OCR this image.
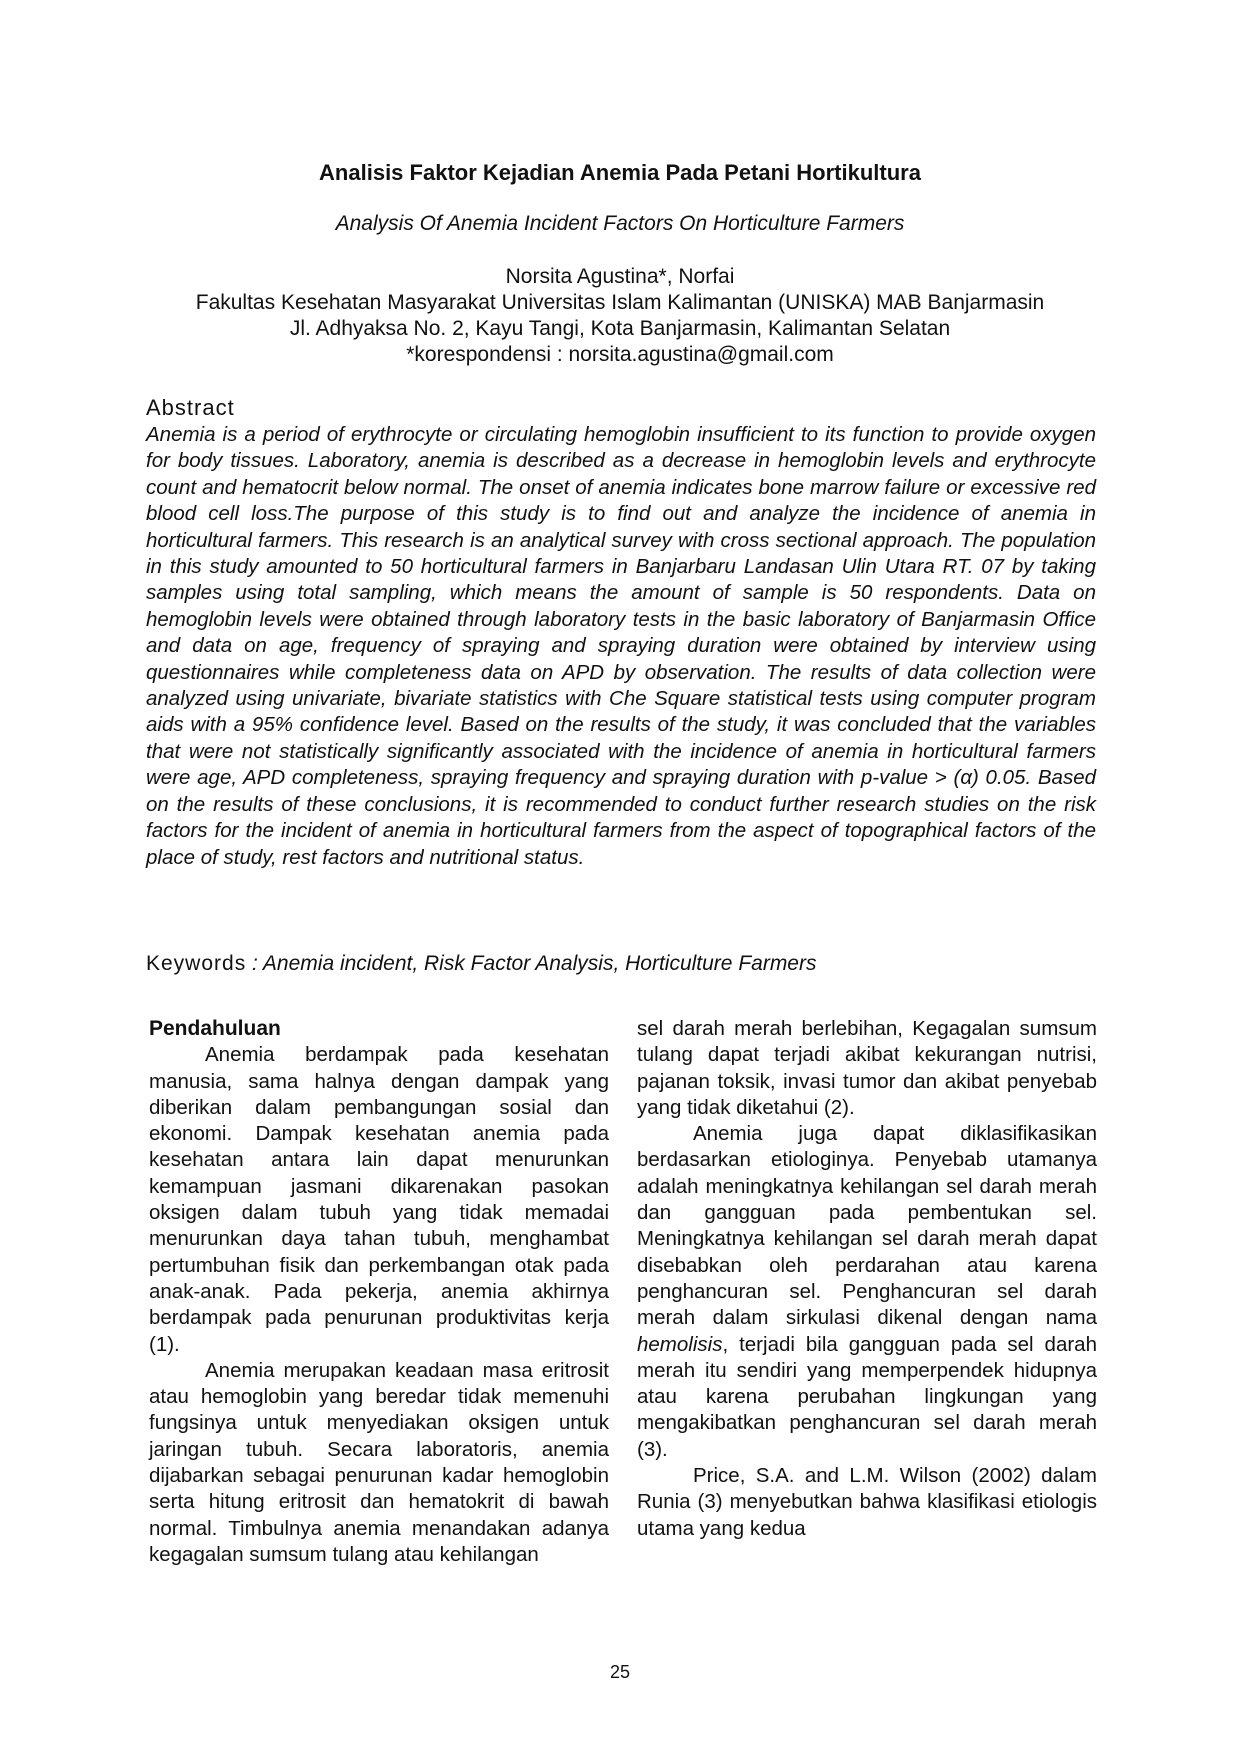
Analisis Faktor Kejadian Anemia Pada Petani Hortikultura
Analysis Of Anemia Incident Factors On Horticulture Farmers
Norsita Agustina*, Norfai
Fakultas Kesehatan Masyarakat Universitas Islam Kalimantan (UNISKA) MAB Banjarmasin
Jl. Adhyaksa No. 2, Kayu Tangi, Kota Banjarmasin, Kalimantan Selatan
*korespondensi : norsita.agustina@gmail.com
Abstract

Anemia is a period of erythrocyte or circulating hemoglobin insufficient to its function to provide oxygen for body tissues. Laboratory, anemia is described as a decrease in hemoglobin levels and erythrocyte count and hematocrit below normal. The onset of anemia indicates bone marrow failure or excessive red blood cell loss.The purpose of this study is to find out and analyze the incidence of anemia in horticultural farmers. This research is an analytical survey with cross sectional approach. The population in this study amounted to 50 horticultural farmers in Banjarbaru Landasan Ulin Utara RT. 07 by taking samples using total sampling, which means the amount of sample is 50 respondents. Data on hemoglobin levels were obtained through laboratory tests in the basic laboratory of Banjarmasin Office and data on age, frequency of spraying and spraying duration were obtained by interview using questionnaires while completeness data on APD by observation. The results of data collection were analyzed using univariate, bivariate statistics with Che Square statistical tests using computer program aids with a 95% confidence level. Based on the results of the study, it was concluded that the variables that were not statistically significantly associated with the incidence of anemia in horticultural farmers were age, APD completeness, spraying frequency and spraying duration with p-value > (α) 0.05. Based on the results of these conclusions, it is recommended to conduct further research studies on the risk factors for the incident of anemia in horticultural farmers from the aspect of topographical factors of the place of study, rest factors and nutritional status.

Keywords : Anemia incident, Risk Factor Analysis, Horticulture Farmers
Pendahuluan

Anemia berdampak pada kesehatan manusia, sama halnya dengan dampak yang diberikan dalam pembangungan sosial dan ekonomi. Dampak kesehatan anemia pada kesehatan antara lain dapat menurunkan kemampuan jasmani dikarenakan pasokan oksigen dalam tubuh yang tidak memadai menurunkan daya tahan tubuh, menghambat pertumbuhan fisik dan perkembangan otak pada anak-anak. Pada pekerja, anemia akhirnya berdampak pada penurunan produktivitas kerja (1).

Anemia merupakan keadaan masa eritrosit atau hemoglobin yang beredar tidak memenuhi fungsinya untuk menyediakan oksigen untuk jaringan tubuh. Secara laboratoris, anemia dijabarkan sebagai penurunan kadar hemoglobin serta hitung eritrosit dan hematokrit di bawah normal. Timbulnya anemia menandakan adanya kegagalan sumsum tulang atau kehilangan

sel darah merah berlebihan, Kegagalan sumsum tulang dapat terjadi akibat kekurangan nutrisi, pajanan toksik, invasi tumor dan akibat penyebab yang tidak diketahui (2).

Anemia juga dapat diklasifikasikan berdasarkan etiologinya. Penyebab utamanya adalah meningkatnya kehilangan sel darah merah dan gangguan pada pembentukan sel. Meningkatnya kehilangan sel darah merah dapat disebabkan oleh perdarahan atau karena penghancuran sel. Penghancuran sel darah merah dalam sirkulasi dikenal dengan nama hemolisis, terjadi bila gangguan pada sel darah merah itu sendiri yang memperpendek hidupnya atau karena perubahan lingkungan yang mengakibatkan penghancuran sel darah merah (3).

Price, S.A. and L.M. Wilson (2002) dalam Runia (3) menyebutkan bahwa klasifikasi etiologis utama yang kedua

25
